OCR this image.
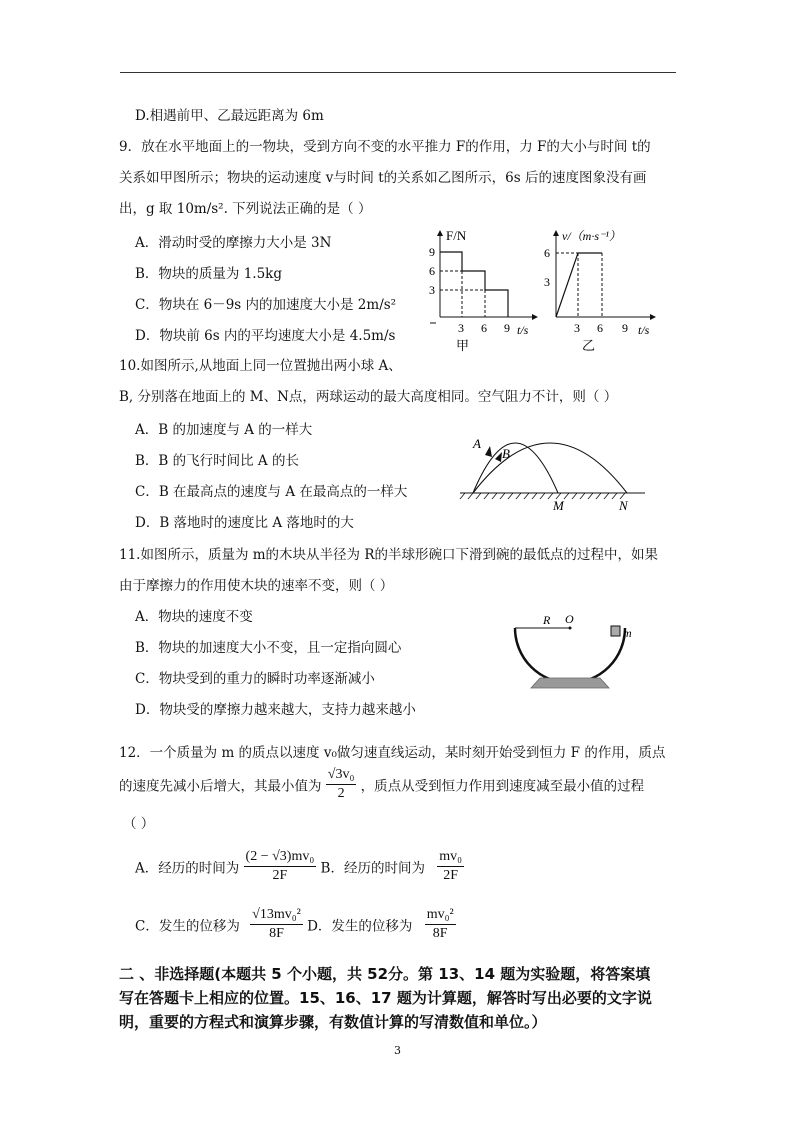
D.相遇前甲、乙最远距离为 6m
9．放在水平地面上的一物块，受到方向不变的水平推力 F的作用，力 F的大小与时间 t的
关系如甲图所示；物块的运动速度 v与时间 t的关系如乙图所示，6s 后的速度图象没有画
出，g 取 10m/s². 下列说法正确的是（ ）
A．滑动时受的摩擦力大小是 3N
B．物块的质量为 1.5kg
C．物块在 6－9s 内的加速度大小是 2m/s²
D．物块前 6s 内的平均速度大小是 4.5m/s
F/N
t/s
9
6
3
3 6 9
甲
v/（m·s⁻¹）
t/s
6
3
3 6 9
乙
10.如图所示,从地面上同一位置抛出两小球 A、
B, 分别落在地面上的 M、N点，两球运动的最大高度相同。空气阻力不计，则（ ）
A．B 的加速度与 A 的一样大
B．B 的飞行时间比 A 的长
C．B 在最高点的速度与 A 在最高点的一样大
D．B 落地时的速度比 A 落地时的大
A
B
M	N
11.如图所示，质量为 m的木块从半径为 R的半球形碗口下滑到碗的最低点的过程中，如果
由于摩擦力的作用使木块的速率不变，则（ ）
A．物块的速度不变
B．物块的加速度大小不变，且一定指向圆心
C．物块受到的重力的瞬时功率逐渐减小
D．物块受的摩擦力越来越大，支持力越来越小
R O
m
12．一个质量为 m 的质点以速度 v₀做匀速直线运动，某时刻开始受到恒力 F 的作用，质点
的速度先减小后增大，其最小值为 $\frac{\text{√3v₀}}{2}$ ，质点从受到恒力作用到速度减至最小值的过程
（ ）
A．经历的时间为 $\frac{\text{(2 − √3)mv₀}}{2F}$ B．经历的时间为 $\frac{\text{mv₀}}{2F}$
C．发生的位移为 $\frac{\text{√13mv₀²}}{8F}$ D．发生的位移为 $\frac{\text{mv₀²}}{8F}$
二 、非选择题(本题共 5 个小题，共 52分。第 13、14 题为实验题，将答案填
写在答题卡上相应的位置。15、16、17 题为计算题，解答时写出必要的文字说
明，重要的方程式和演算步骤，有数值计算的写清数值和单位。）
3
